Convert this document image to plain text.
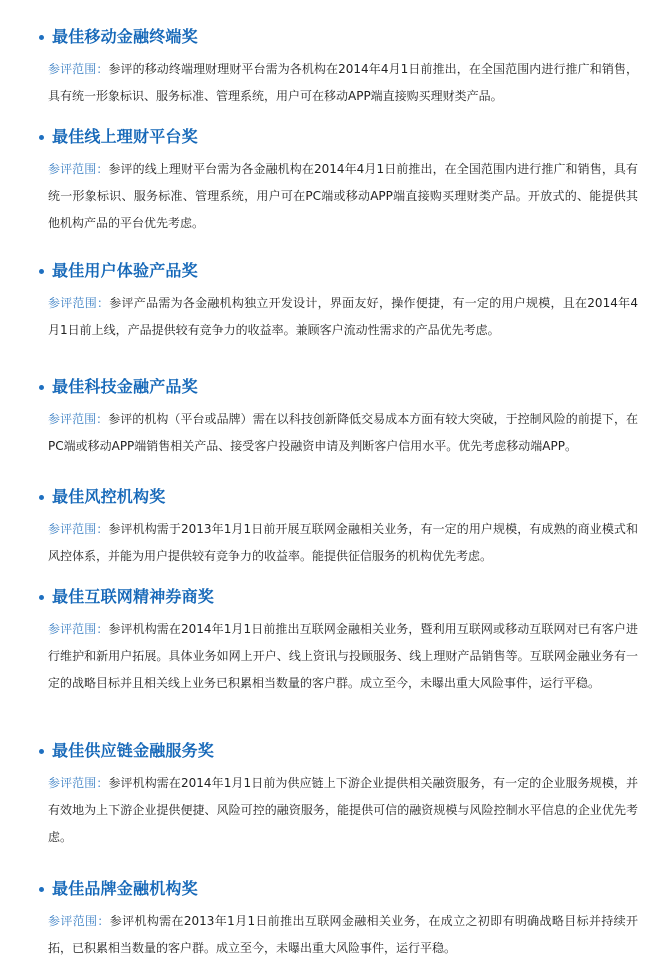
最佳移动金融终端奖

参评范围：参评的移动终端理财理财平台需为各机构在2014年4月1日前推出，在全国范围内进行推广和销售，具有统一形象标识、服务标准、管理系统，用户可在移动APP端直接购买理财类产品。

最佳线上理财平台奖

参评范围：参评的线上理财平台需为各金融机构在2014年4月1日前推出，在全国范围内进行推广和销售，具有统一形象标识、服务标准、管理系统，用户可在PC端或移动APP端直接购买理财类产品。开放式的、能提供其他机构产品的平台优先考虑。

最佳用户体验产品奖

参评范围：参评产品需为各金融机构独立开发设计，界面友好，操作便捷，有一定的用户规模，且在2014年4月1日前上线，产品提供较有竞争力的收益率。兼顾客户流动性需求的产品优先考虑。

最佳科技金融产品奖

参评范围：参评的机构（平台或品牌）需在以科技创新降低交易成本方面有较大突破，于控制风险的前提下，在PC端或移动APP端销售相关产品、接受客户投融资申请及判断客户信用水平。优先考虑移动端APP。

最佳风控机构奖

参评范围：参评机构需于2013年1月1日前开展互联网金融相关业务，有一定的用户规模，有成熟的商业模式和风控体系，并能为用户提供较有竞争力的收益率。能提供征信服务的机构优先考虑。

最佳互联网精神券商奖

参评范围：参评机构需在2014年1月1日前推出互联网金融相关业务，暨利用互联网或移动互联网对已有客户进行维护和新用户拓展。具体业务如网上开户、线上资讯与投顾服务、线上理财产品销售等。互联网金融业务有一定的战略目标并且相关线上业务已积累相当数量的客户群。成立至今，未曝出重大风险事件，运行平稳。

最佳供应链金融服务奖

参评范围：参评机构需在2014年1月1日前为供应链上下游企业提供相关融资服务，有一定的企业服务规模，并有效地为上下游企业提供便捷、风险可控的融资服务，能提供可信的融资规模与风险控制水平信息的企业优先考虑。

最佳品牌金融机构奖

参评范围：参评机构需在2013年1月1日前推出互联网金融相关业务，在成立之初即有明确战略目标并持续开拓，已积累相当数量的客户群。成立至今，未曝出重大风险事件，运行平稳。
